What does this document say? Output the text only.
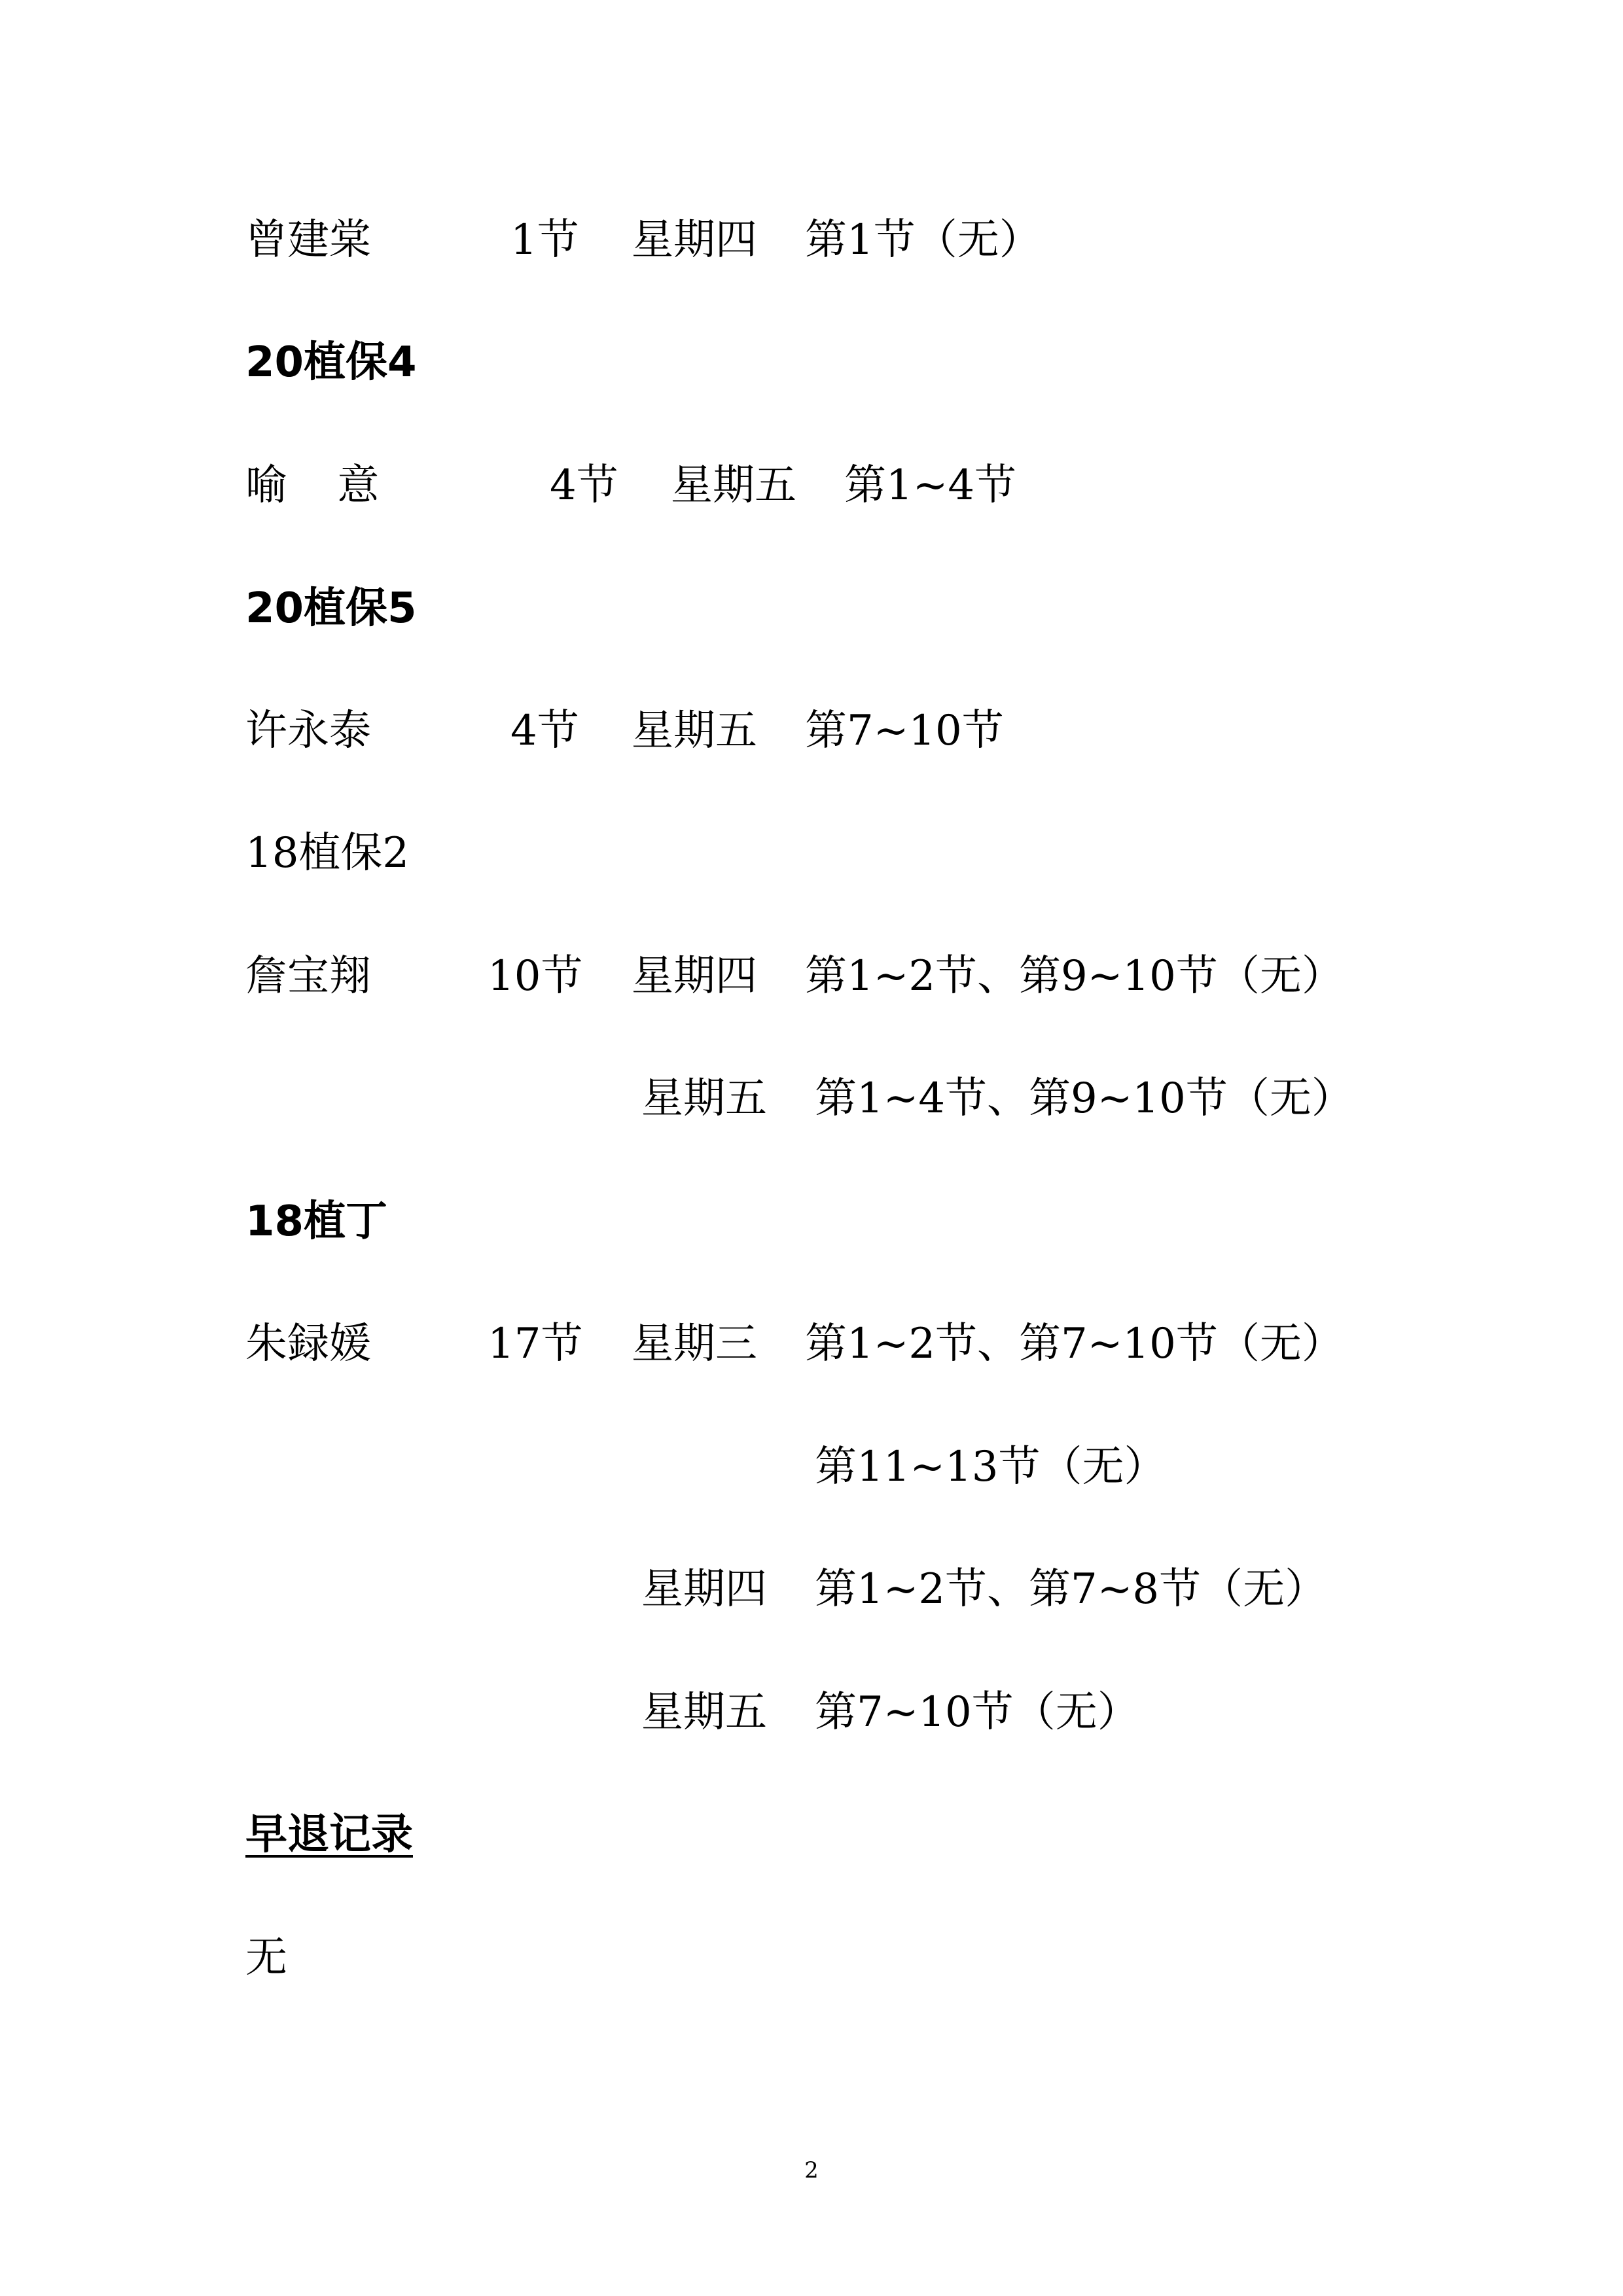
曾建棠	1节 星期四 第1节（无）
20植保4
喻 意	4节 星期五 第1~4节
20植保5
许永泰	4节 星期五 第7~10节
18植保2
詹宝翔	10节 星期四 第1~2节、第9~10节（无）
星期五 第1~4节、第9~10节（无）
18植丁
朱録媛	17节 星期三 第1~2节、第7~10节（无）
第11~13节（无）
星期四 第1~2节、第7~8节（无）
星期五 第7~10节（无）
早退记录
无
2
